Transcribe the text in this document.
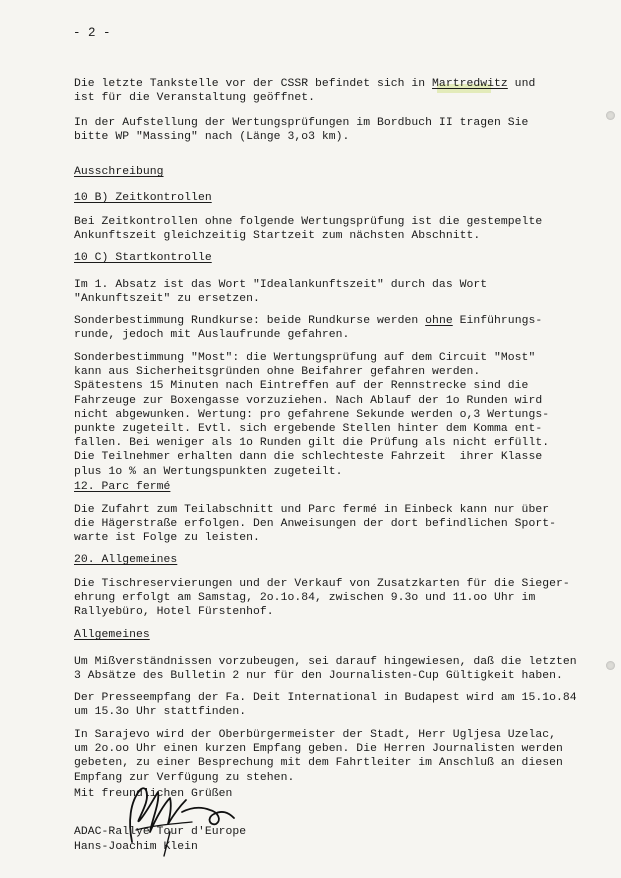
- 2 -
Die letzte Tankstelle vor der CSSR befindet sich in Martredwitz und
ist für die Veranstaltung geöffnet.
In der Aufstellung der Wertungsprüfungen im Bordbuch II tragen Sie
bitte WP "Massing" nach (Länge 3,o3 km).
Ausschreibung
10 B) Zeitkontrollen
Bei Zeitkontrollen ohne folgende Wertungsprüfung ist die gestempelte
Ankunftszeit gleichzeitig Startzeit zum nächsten Abschnitt.
10 C) Startkontrolle
Im 1. Absatz ist das Wort "Idealankunftszeit" durch das Wort
"Ankunftszeit" zu ersetzen.
Sonderbestimmung Rundkurse: beide Rundkurse werden ohne Einführungs-
runde, jedoch mit Auslaufrunde gefahren.
Sonderbestimmung "Most": die Wertungsprüfung auf dem Circuit "Most"
kann aus Sicherheitsgründen ohne Beifahrer gefahren werden.
Spätestens 15 Minuten nach Eintreffen auf der Rennstrecke sind die
Fahrzeuge zur Boxengasse vorzuziehen. Nach Ablauf der 1o Runden wird
nicht abgewunken. Wertung: pro gefahrene Sekunde werden o,3 Wertungs-
punkte zugeteilt. Evtl. sich ergebende Stellen hinter dem Komma ent-
fallen. Bei weniger als 1o Runden gilt die Prüfung als nicht erfüllt.
Die Teilnehmer erhalten dann die schlechteste Fahrzeit  ihrer Klasse
plus 1o % an Wertungspunkten zugeteilt.
12. Parc fermé
Die Zufahrt zum Teilabschnitt und Parc fermé in Einbeck kann nur über
die Hägerstraße erfolgen. Den Anweisungen der dort befindlichen Sport-
warte ist Folge zu leisten.
20. Allgemeines
Die Tischreservierungen und der Verkauf von Zusatzkarten für die Sieger-
ehrung erfolgt am Samstag, 2o.1o.84, zwischen 9.3o und 11.oo Uhr im
Rallyebüro, Hotel Fürstenhof.
Allgemeines
Um Mißverständnissen vorzubeugen, sei darauf hingewiesen, daß die letzten
3 Absätze des Bulletin 2 nur für den Journalisten-Cup Gültigkeit haben.
Der Presseempfang der Fa. Deit International in Budapest wird am 15.1o.84
um 15.3o Uhr stattfinden.
In Sarajevo wird der Oberbürgermeister der Stadt, Herr Ugljesa Uzelac,
um 2o.oo Uhr einen kurzen Empfang geben. Die Herren Journalisten werden
gebeten, zu einer Besprechung mit dem Fahrtleiter im Anschluß an diesen
Empfang zur Verfügung zu stehen.
Mit freundlichen Grüßen
ADAC-Rallye Tour d'Europe
Hans-Joachim Klein
